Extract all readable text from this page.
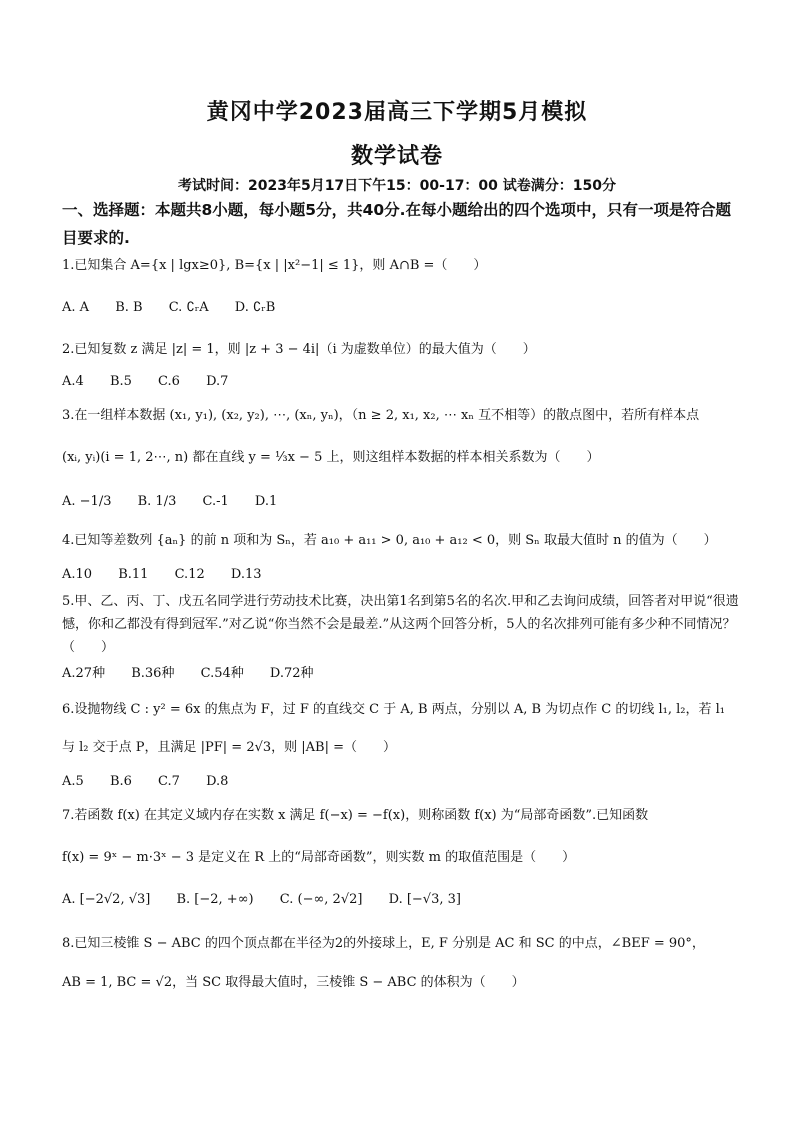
黄冈中学2023届高三下学期5月模拟
数学试卷
考试时间：2023年5月17日下午15：00-17：00 试卷满分：150分
一、选择题：本题共8小题，每小题5分，共40分.在每小题给出的四个选项中，只有一项是符合题目要求的.
1.已知集合 A={x | lgx≥0}, B={x | |x²−1| ≤ 1}，则 A∩B =（　　）
A. A B. B C. ∁ᵣA D. ∁ᵣB
2.已知复数 z 满足 |z| = 1，则 |z + 3 − 4i|（i 为虚数单位）的最大值为（　　）
A.4 B.5 C.6 D.7
3.在一组样本数据 (x₁, y₁), (x₂, y₂), ⋯, (xₙ, yₙ)，（n ≥ 2, x₁, x₂, ⋯ xₙ 互不相等）的散点图中，若所有样本点
(xᵢ, yᵢ)(i = 1, 2⋯, n) 都在直线 y = ⅓x − 5 上，则这组样本数据的样本相关系数为（　　）
A. −1/3 B. 1/3 C.-1 D.1
4.已知等差数列 {aₙ} 的前 n 项和为 Sₙ，若 a₁₀ + a₁₁ > 0, a₁₀ + a₁₂ < 0，则 Sₙ 取最大值时 n 的值为（　　）
A.10 B.11 C.12 D.13
5.甲、乙、丙、丁、戊五名同学进行劳动技术比赛，决出第1名到第5名的名次.甲和乙去询问成绩，回答者对甲说“很遗憾，你和乙都没有得到冠军.”对乙说“你当然不会是最差.”从这两个回答分析，5人的名次排列可能有多少种不同情况？（　　）
A.27种 B.36种 C.54种 D.72种
6.设抛物线 C : y² = 6x 的焦点为 F，过 F 的直线交 C 于 A, B 两点，分别以 A, B 为切点作 C 的切线 l₁, l₂，若 l₁
与 l₂ 交于点 P，且满足 |PF| = 2√3，则 |AB| =（　　）
A.5 B.6 C.7 D.8
7.若函数 f(x) 在其定义域内存在实数 x 满足 f(−x) = −f(x)，则称函数 f(x) 为“局部奇函数”.已知函数
f(x) = 9ˣ − m·3ˣ − 3 是定义在 R 上的“局部奇函数”，则实数 m 的取值范围是（　　）
A. [−2√2, √3] B. [−2, +∞) C. (−∞, 2√2] D. [−√3, 3]
8.已知三棱锥 S − ABC 的四个顶点都在半径为2的外接球上，E, F 分别是 AC 和 SC 的中点，∠BEF = 90°，
AB = 1, BC = √2，当 SC 取得最大值时，三棱锥 S − ABC 的体积为（　　）
